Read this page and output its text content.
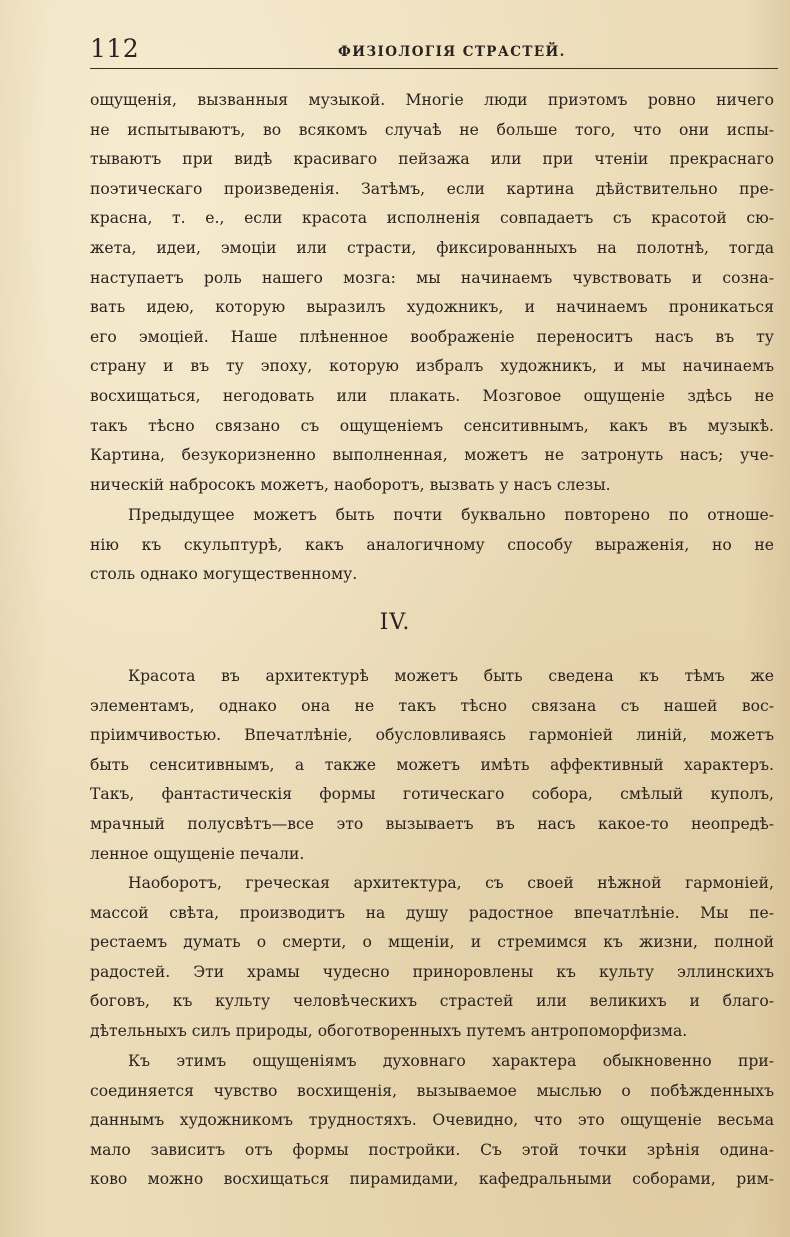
112	ФИЗІОЛОГІЯ СТРАСТЕЙ.
ощущенія, вызванныя музыкой. Многіе люди приэтомъ ровно ничего
не испытываютъ, во всякомъ случаѣ не больше того, что они испы-
тываютъ при видѣ красиваго пейзажа или при чтеніи прекраснаго
поэтическаго произведенія. Затѣмъ, если картина дѣйствительно пре-
красна, т. е., если красота исполненія совпадаетъ съ красотой сю-
жета, идеи, эмоціи или страсти, фиксированныхъ на полотнѣ, тогда
наступаетъ роль нашего мозга: мы начинаемъ чувствовать и созна-
вать идею, которую выразилъ художникъ, и начинаемъ проникаться
его эмоціей. Наше плѣненное воображеніе переноситъ насъ въ ту
страну и въ ту эпоху, которую избралъ художникъ, и мы начинаемъ
восхищаться, негодовать или плакать. Мозговое ощущеніе здѣсь не
такъ тѣсно связано съ ощущеніемъ сенситивнымъ, какъ въ музыкѣ.
Картина, безукоризненно выполненная, можетъ не затронуть насъ; уче-
ническій набросокъ можетъ, наоборотъ, вызвать у насъ слезы.
Предыдущее можетъ быть почти буквально повторено по отноше-
нію къ скульптурѣ, какъ аналогичному способу выраженія, но не
столь однако могущественному.
IV.
Красота въ архитектурѣ можетъ быть сведена къ тѣмъ же
элементамъ, однако она не такъ тѣсно связана съ нашей вос-
пріимчивостью. Впечатлѣніе, обусловливаясь гармоніей линій, можетъ
быть сенситивнымъ, а также можетъ имѣть аффективный характеръ.
Такъ, фантастическія формы готическаго собора, смѣлый куполъ,
мрачный полусвѣтъ—все это вызываетъ въ насъ какое-то неопредѣ-
ленное ощущеніе печали.
Наоборотъ, греческая архитектура, съ своей нѣжной гармоніей,
массой свѣта, производитъ на душу радостное впечатлѣніе. Мы пе-
рестаемъ думать о смерти, о мщеніи, и стремимся къ жизни, полной
радостей. Эти храмы чудесно приноровлены къ культу эллинскихъ
боговъ, къ культу человѣческихъ страстей или великихъ и благо-
дѣтельныхъ силъ природы, обоготворенныхъ путемъ антропоморфизма.
Къ этимъ ощущеніямъ духовнаго характера обыкновенно при-
соединяется чувство восхищенія, вызываемое мыслью о побѣжденныхъ
даннымъ художникомъ трудностяхъ. Очевидно, что это ощущеніе весьма
мало зависитъ отъ формы постройки. Съ этой точки зрѣнія одина-
ково можно восхищаться пирамидами, кафедральными соборами, рим-
